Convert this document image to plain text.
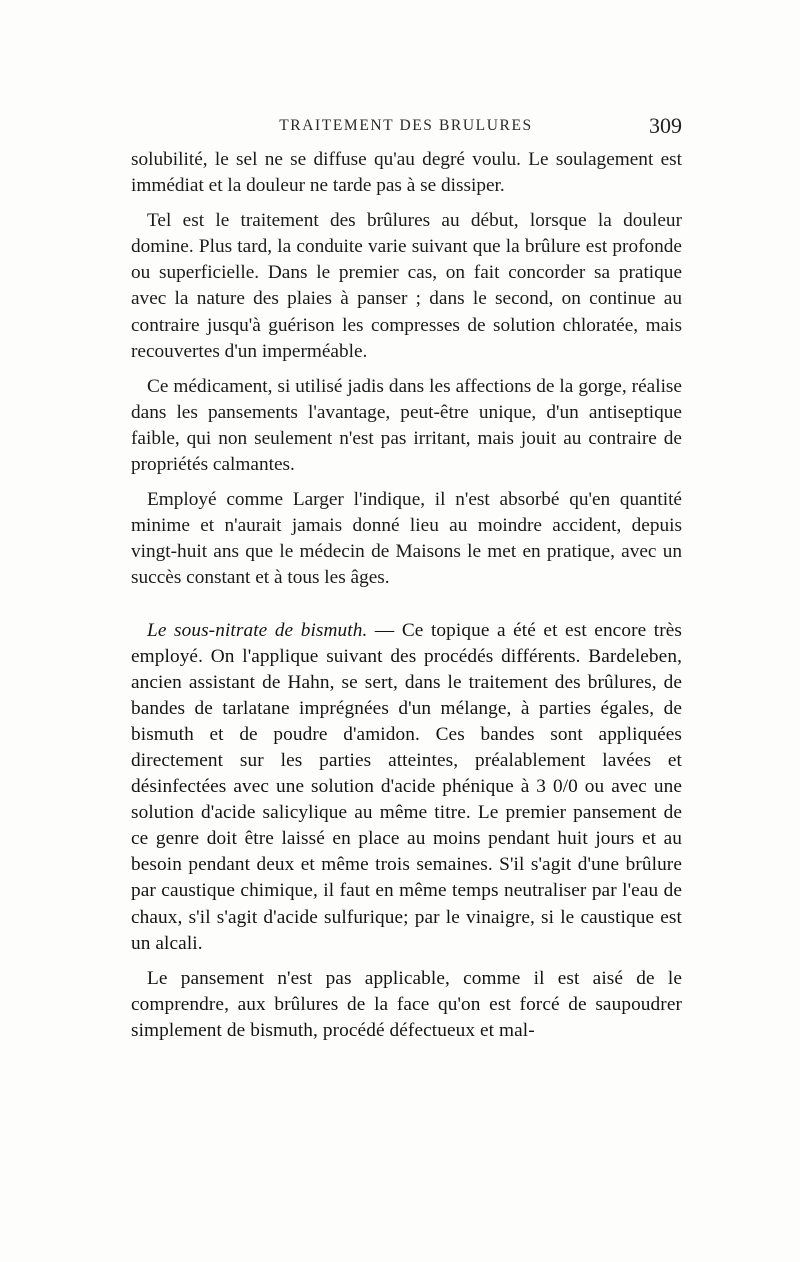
TRAITEMENT DES BRULURES	309

solubilité, le sel ne se diffuse qu'au degré voulu. Le soulagement est immédiat et la douleur ne tarde pas à se dissiper.

Tel est le traitement des brûlures au début, lorsque la douleur domine. Plus tard, la conduite varie suivant que la brûlure est profonde ou superficielle. Dans le premier cas, on fait concorder sa pratique avec la nature des plaies à panser ; dans le second, on continue au contraire jusqu'à guérison les compresses de solution chloratée, mais recouvertes d'un imperméable.

Ce médicament, si utilisé jadis dans les affections de la gorge, réalise dans les pansements l'avantage, peut-être unique, d'un antiseptique faible, qui non seulement n'est pas irritant, mais jouit au contraire de propriétés calmantes.

Employé comme Larger l'indique, il n'est absorbé qu'en quantité minime et n'aurait jamais donné lieu au moindre accident, depuis vingt-huit ans que le médecin de Maisons le met en pratique, avec un succès constant et à tous les âges.

Le sous-nitrate de bismuth. — Ce topique a été et est encore très employé. On l'applique suivant des procédés différents. Bardeleben, ancien assistant de Hahn, se sert, dans le traitement des brûlures, de bandes de tarlatane imprégnées d'un mélange, à parties égales, de bismuth et de poudre d'amidon. Ces bandes sont appliquées directement sur les parties atteintes, préalablement lavées et désinfectées avec une solution d'acide phénique à 3 0/0 ou avec une solution d'acide salicylique au même titre. Le premier pansement de ce genre doit être laissé en place au moins pendant huit jours et au besoin pendant deux et même trois semaines. S'il s'agit d'une brûlure par caustique chimique, il faut en même temps neutraliser par l'eau de chaux, s'il s'agit d'acide sulfurique; par le vinaigre, si le caustique est un alcali.

Le pansement n'est pas applicable, comme il est aisé de le comprendre, aux brûlures de la face qu'on est forcé de saupoudrer simplement de bismuth, procédé défectueux et mal-
